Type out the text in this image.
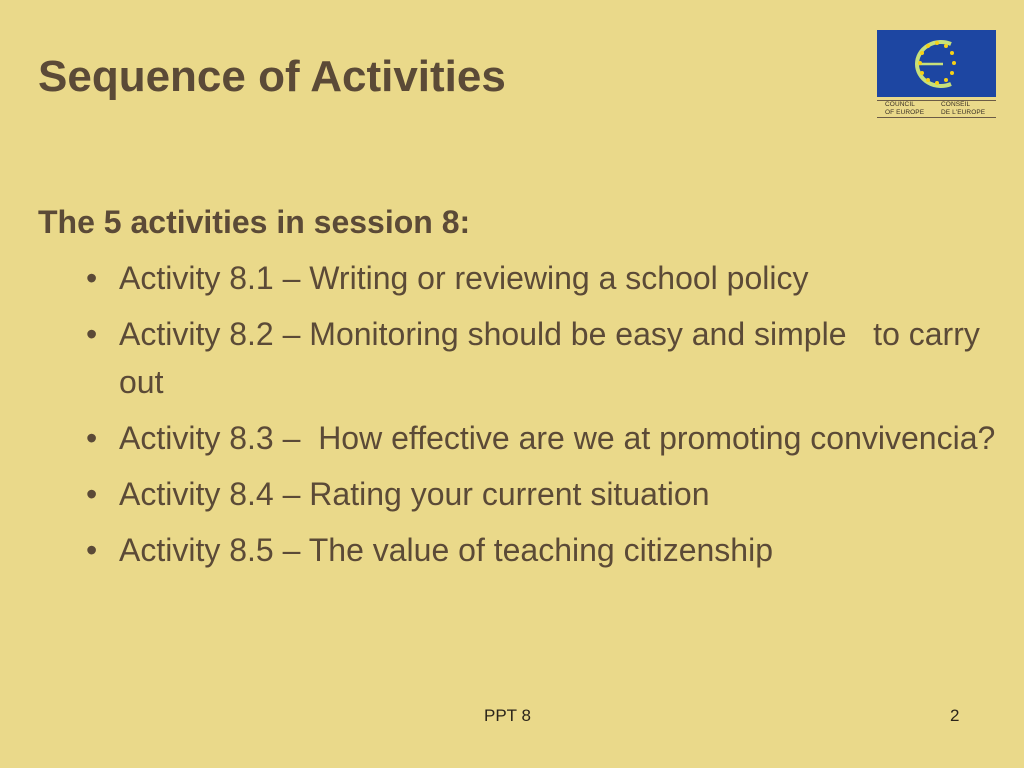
Sequence of Activities
COUNCIL
OF EUROPE
CONSEIL
DE L'EUROPE
The 5 activities in session 8:
• Activity 8.1 – Writing or reviewing a school policy
• Activity 8.2 – Monitoring should be easy and simple   to carry out
• Activity 8.3 –  How effective are we at promoting convivencia?
• Activity 8.4 – Rating your current situation
• Activity 8.5 – The value of teaching citizenship
PPT 8	2
